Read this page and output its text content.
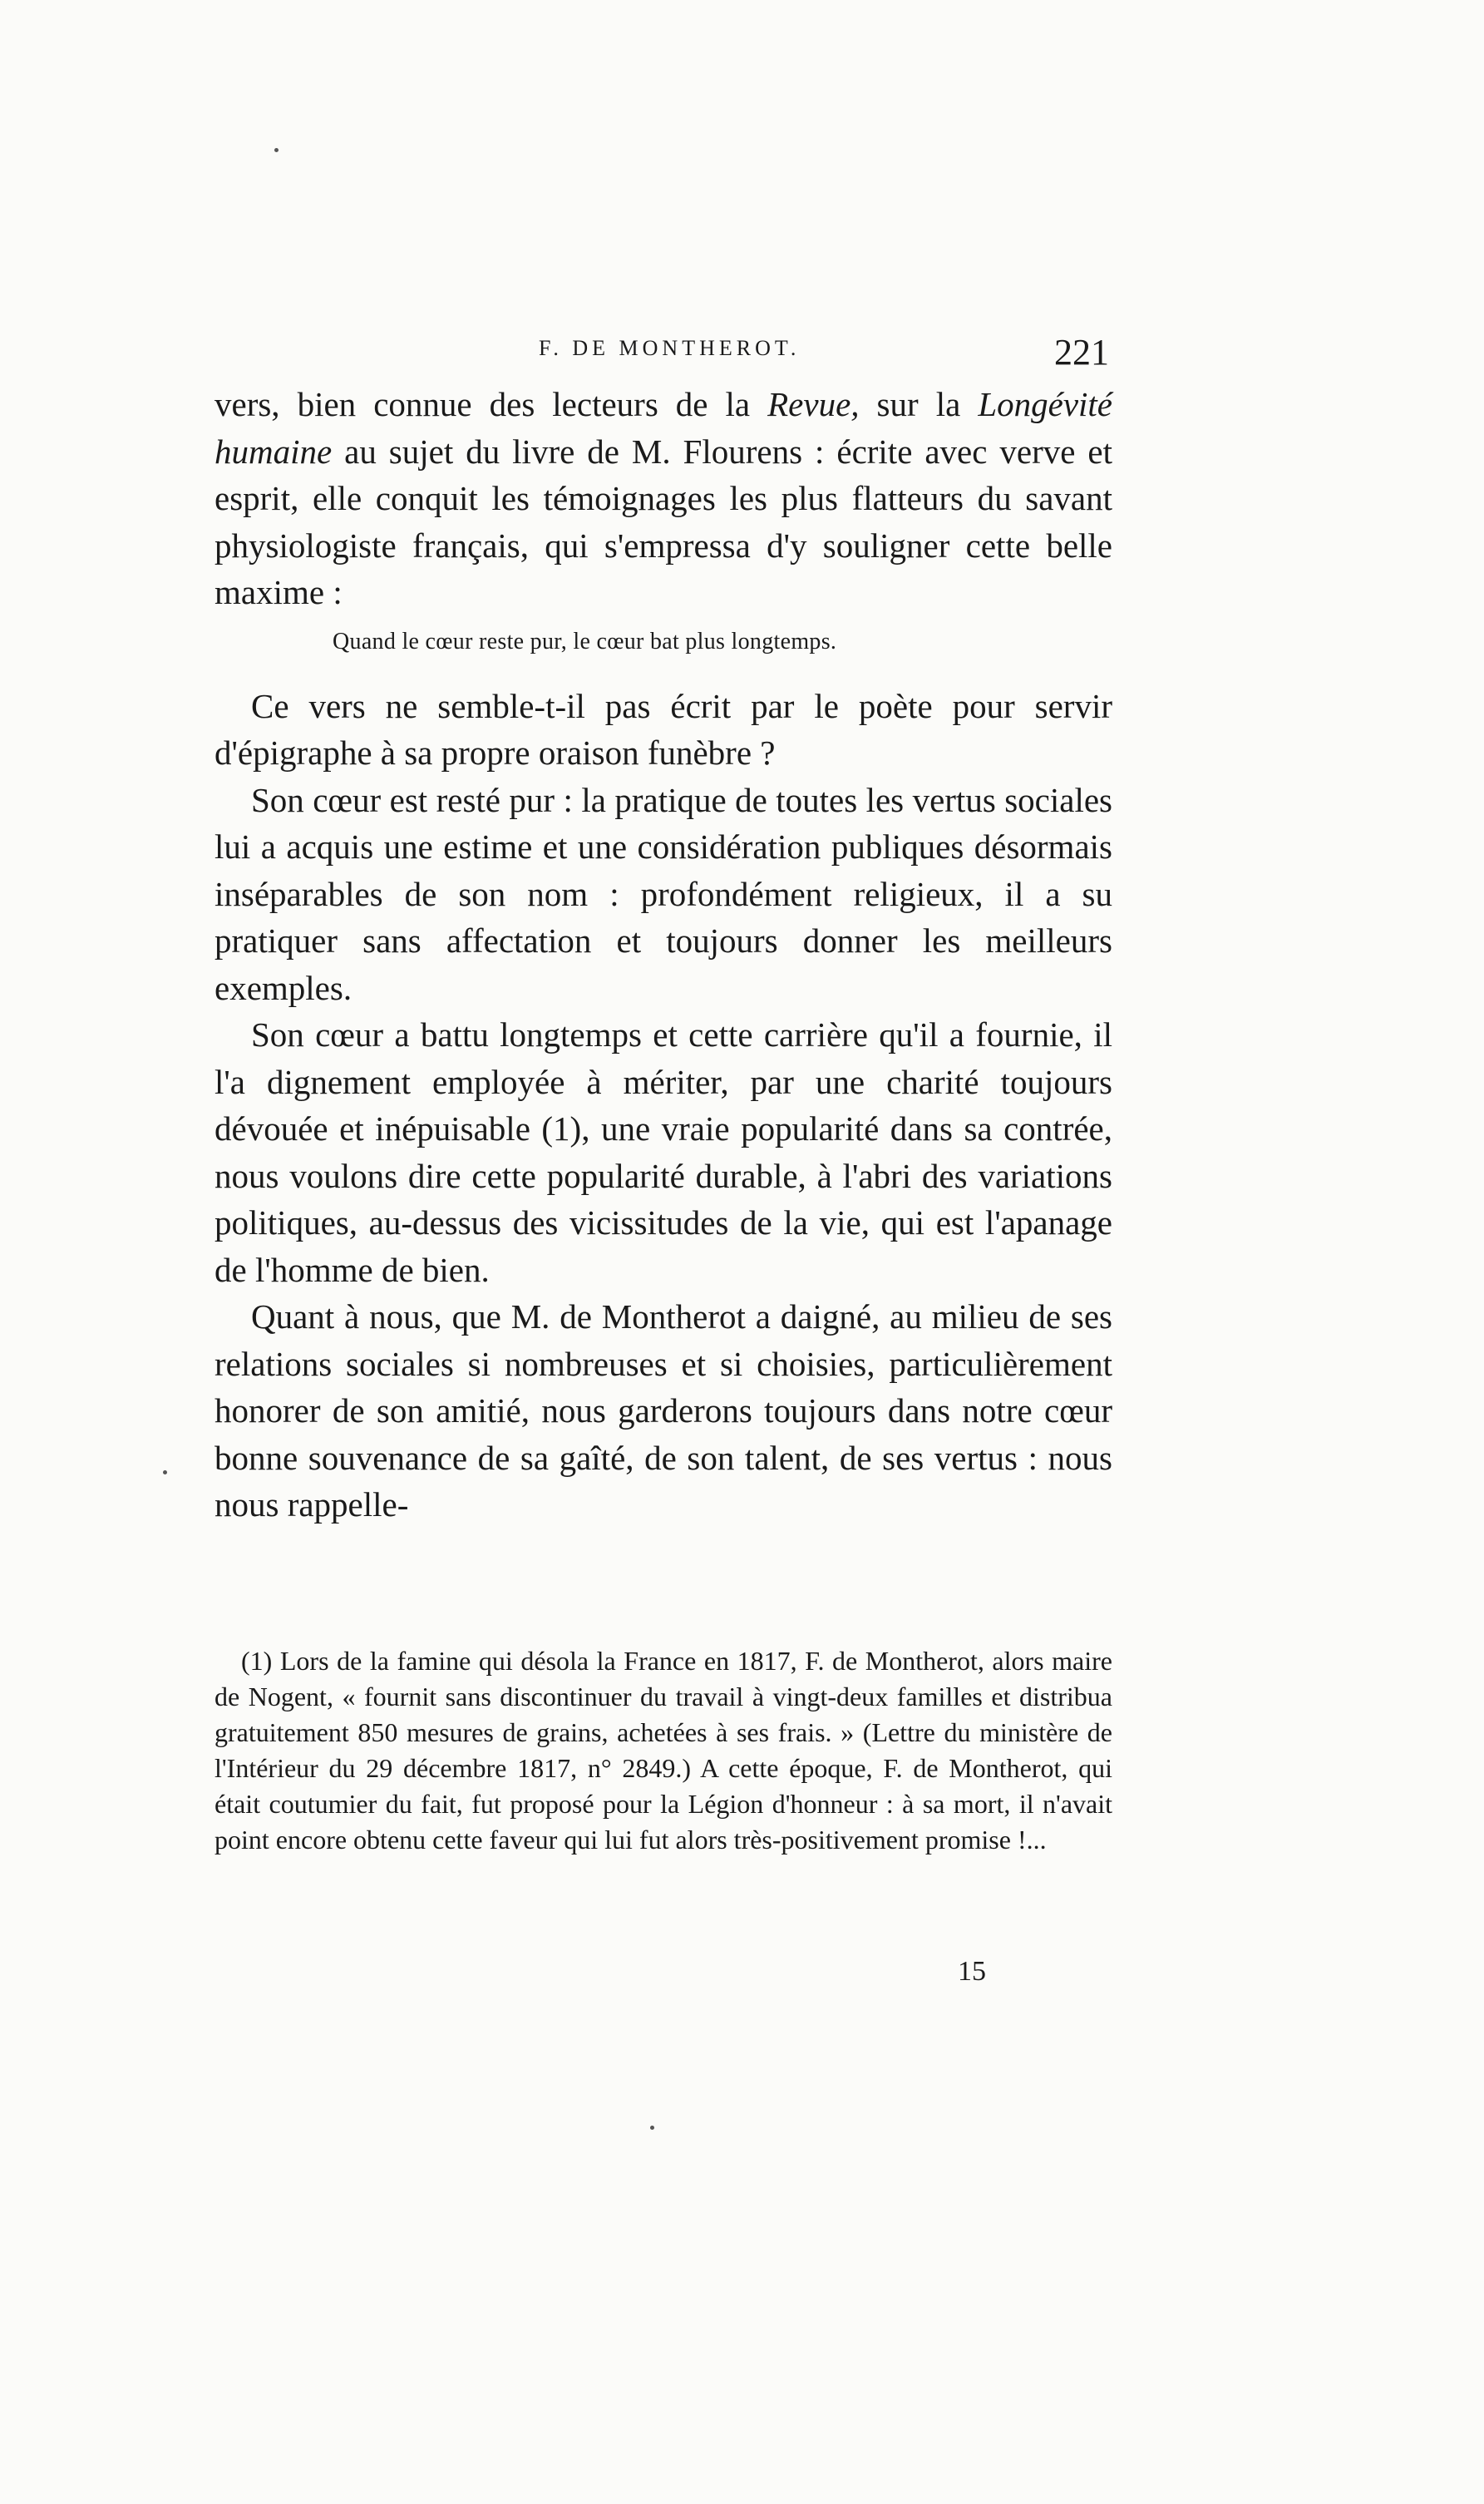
F. DE MONTHEROT.	221

vers, bien connue des lecteurs de la Revue, sur la Longévité humaine au sujet du livre de M. Flourens : écrite avec verve et esprit, elle conquit les témoignages les plus flatteurs du savant physiologiste français, qui s'empressa d'y souligner cette belle maxime :

Quand le cœur reste pur, le cœur bat plus longtemps.

Ce vers ne semble-t-il pas écrit par le poète pour servir d'épigraphe à sa propre oraison funèbre ?

Son cœur est resté pur : la pratique de toutes les vertus sociales lui a acquis une estime et une considération publiques désormais inséparables de son nom : profondément religieux, il a su pratiquer sans affectation et toujours donner les meilleurs exemples.

Son cœur a battu longtemps et cette carrière qu'il a fournie, il l'a dignement employée à mériter, par une charité toujours dévouée et inépuisable (1), une vraie popularité dans sa contrée, nous voulons dire cette popularité durable, à l'abri des variations politiques, au-dessus des vicissitudes de la vie, qui est l'apanage de l'homme de bien.

Quant à nous, que M. de Montherot a daigné, au milieu de ses relations sociales si nombreuses et si choisies, particulièrement honorer de son amitié, nous garderons toujours dans notre cœur bonne souvenance de sa gaîté, de son talent, de ses vertus : nous nous rappelle-

(1) Lors de la famine qui désola la France en 1817, F. de Montherot, alors maire de Nogent, « fournit sans discontinuer du travail à vingt-deux familles et distribua gratuitement 850 mesures de grains, achetées à ses frais. » (Lettre du ministère de l'Intérieur du 29 décembre 1817, n° 2849.) A cette époque, F. de Montherot, qui était coutumier du fait, fut proposé pour la Légion d'honneur : à sa mort, il n'avait point encore obtenu cette faveur qui lui fut alors très-positivement promise !...

15
